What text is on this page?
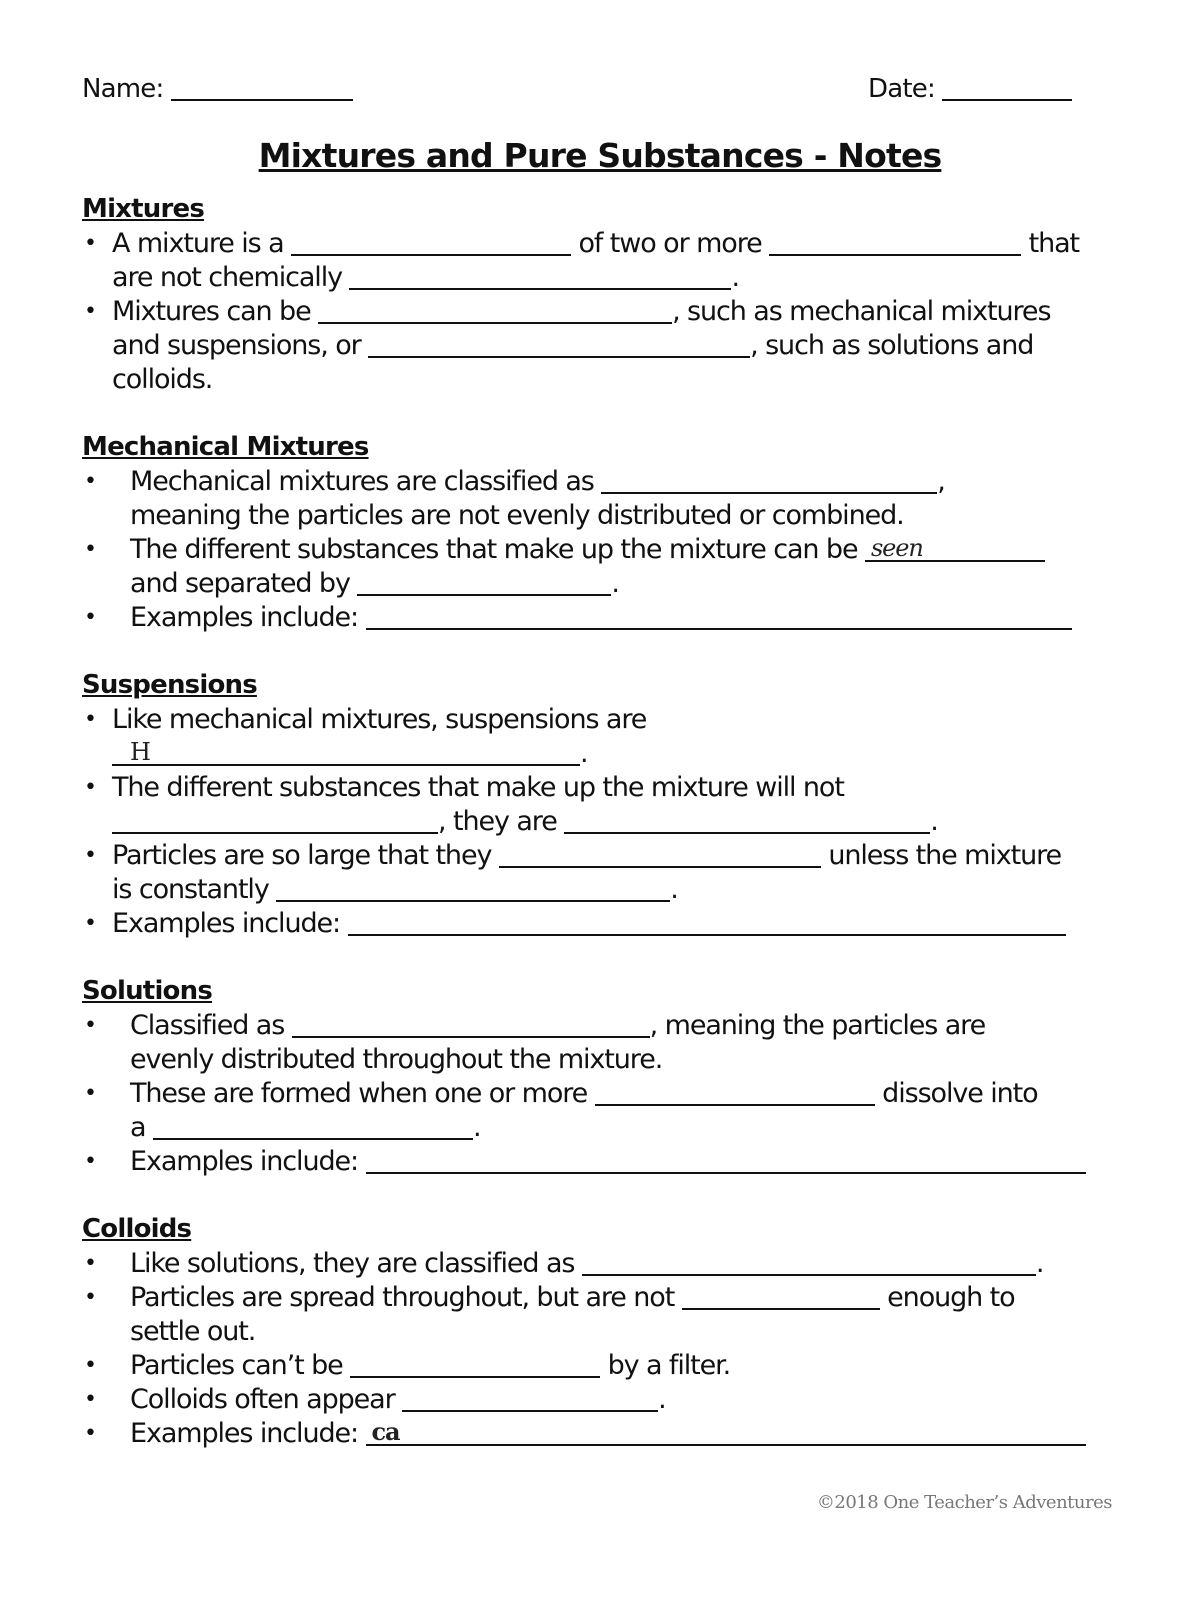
Name:	Date:
Mixtures and Pure Substances - Notes
Mixtures
• A mixture is a	of two or more	that
are not chemically	.
• Mixtures can be	, such as mechanical mixtures
and suspensions, or	, such as solutions and
colloids.
Mechanical Mixtures
• Mechanical mixtures are classified as	,
meaning the particles are not evenly distributed or combined.
• The different substances that make up the mixture can be seen
and separated by	.
• Examples include:
Suspensions
• Like mechanical mixtures, suspensions are
H	.
• The different substances that make up the mixture will not
, they are	.
• Particles are so large that they	unless the mixture
is constantly	.
• Examples include:
Solutions
• Classified as	, meaning the particles are
evenly distributed throughout the mixture.
• These are formed when one or more	dissolve into
a	.
• Examples include:
Colloids
• Like solutions, they are classified as	.
• Particles are spread throughout, but are not	enough to
settle out.
• Particles can’t be	by a filter.
• Colloids often appear	.
• Examples include: ca
©2018 One Teacher’s Adventures
